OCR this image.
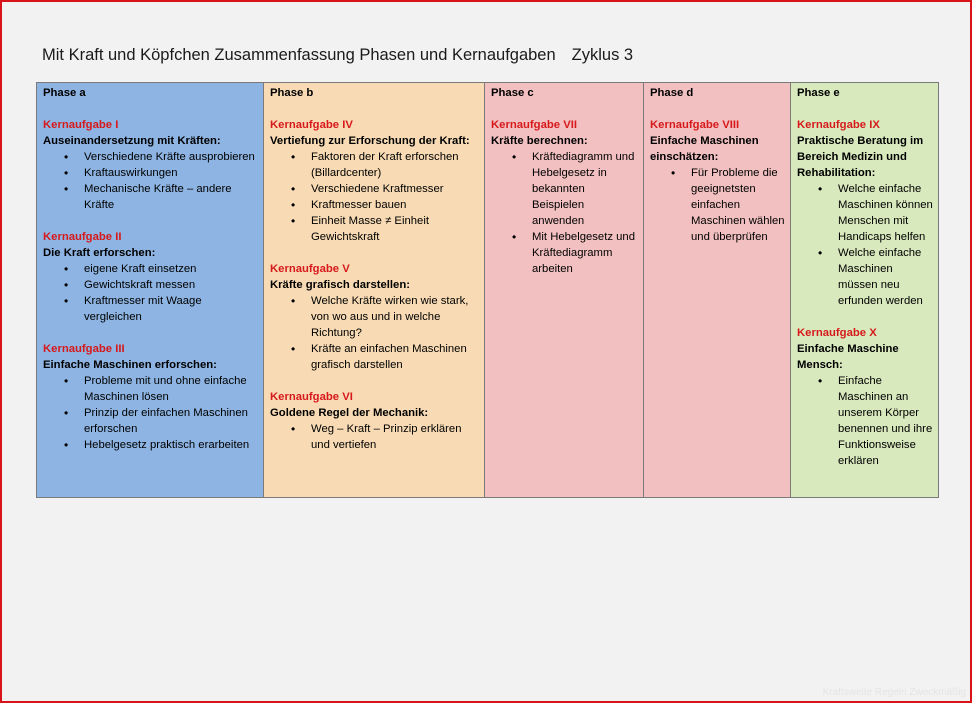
Mit Kraft und Köpfchen Zusammenfassung Phasen und Kernaufgaben Zyklus 3
Phase a
Kernaufgabe I
Auseinandersetzung mit Kräften:
• Verschiedene Kräfte ausprobieren
• Kraftauswirkungen
• Mechanische Kräfte – andere Kräfte
Kernaufgabe II
Die Kraft erforschen:
• eigene Kraft einsetzen
• Gewichtskraft messen
• Kraftmesser mit Waage vergleichen
Kernaufgabe III
Einfache Maschinen erforschen:
• Probleme mit und ohne einfache Maschinen lösen
• Prinzip der einfachen Maschinen erforschen
• Hebelgesetz praktisch erarbeiten
Phase b
Kernaufgabe IV
Vertiefung zur Erforschung der Kraft:
• Faktoren der Kraft erforschen (Billardcenter)
• Verschiedene Kraftmesser
• Kraftmesser bauen
• Einheit Masse ≠ Einheit Gewichtskraft
Kernaufgabe V
Kräfte grafisch darstellen:
• Welche Kräfte wirken wie stark, von wo aus und in welche Richtung?
• Kräfte an einfachen Maschinen grafisch darstellen
Kernaufgabe VI
Goldene Regel der Mechanik:
• Weg – Kraft – Prinzip erklären und vertiefen
Phase c
Kernaufgabe VII
Kräfte berechnen:
• Kräftediagramm und Hebelgesetz in bekannten Beispielen anwenden
• Mit Hebelgesetz und Kräftediagramm arbeiten
Phase d
Kernaufgabe VIII
Einfache Maschinen einschätzen:
• Für Probleme die geeignetsten einfachen Maschinen wählen und überprüfen
Phase e
Kernaufgabe IX
Praktische Beratung im Bereich Medizin und Rehabilitation:
• Welche einfache Maschinen können Menschen mit Handicaps helfen
• Welche einfache Maschinen müssen neu erfunden werden
Kernaufgabe X
Einfache Maschine Mensch:
• Einfache Maschinen an unserem Körper benennen und ihre Funktionsweise erklären
Kraftsweite Regeln Zweckmäßig
